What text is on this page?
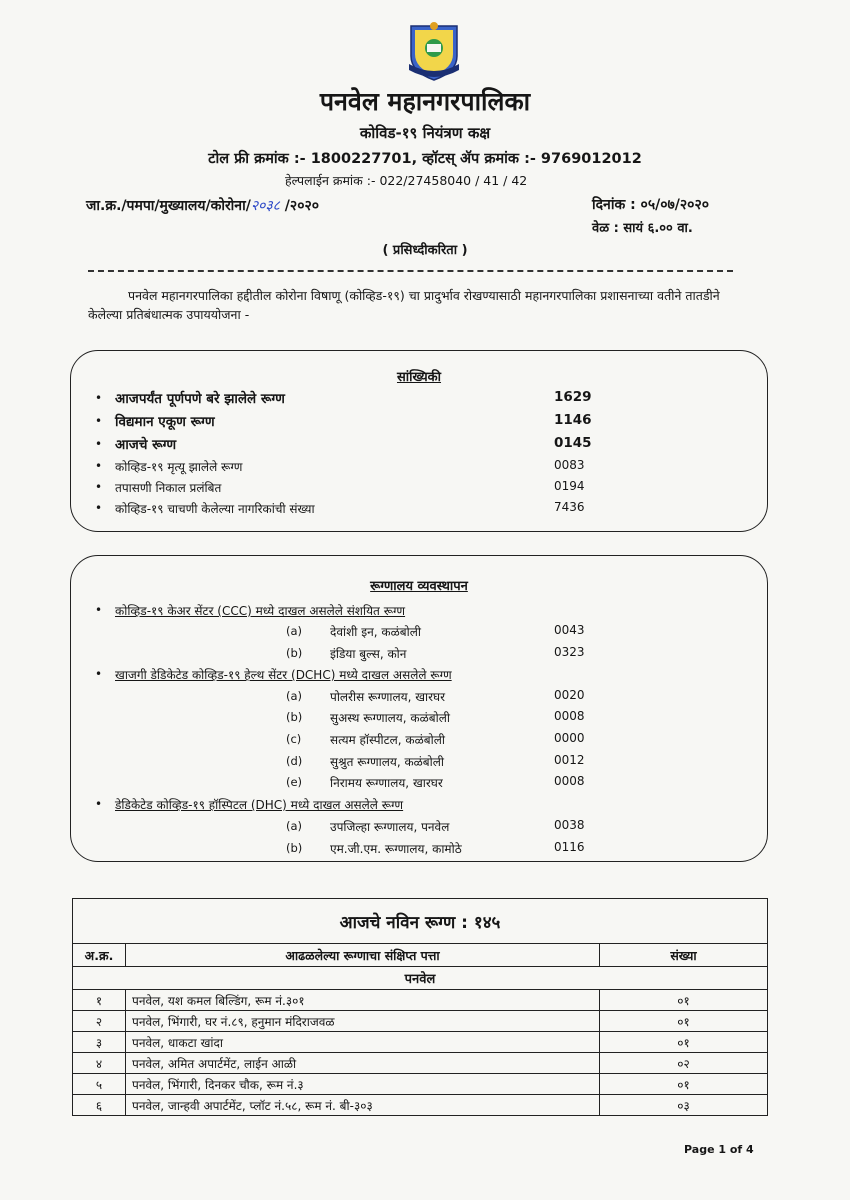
पनवेल महानगरपालिका
कोविड-१९ नियंत्रण कक्ष
टोल फ्री क्रमांक :- 1800227701, व्हॉटस् ॲप क्रमांक :- 9769012012
हेल्पलाईन क्रमांक :- 022/27458040 / 41 / 42
जा.क्र./पमपा/मुख्यालय/कोरोना/२०३८ /२०२०	दिनांक : ०५/०७/२०२०
वेळ : सायं ६.०० वा.
( प्रसिध्दीकरिता )
पनवेल महानगरपालिका हद्दीतील कोरोना विषाणू (कोव्हिड-१९) चा प्रादुर्भाव रोखण्यासाठी महानगरपालिका प्रशासनाच्या वतीने तातडीने केलेल्या प्रतिबंधात्मक उपाययोजना -
सांख्यिकी
• आजपर्यंत पूर्णपणे बरे झालेले रूग्ण	1629
• विद्यमान एकूण रूग्ण	1146
• आजचे रूग्ण	0145
• कोव्हिड-१९ मृत्यू झालेले रूग्ण	0083
• तपासणी निकाल प्रलंबित	0194
• कोव्हिड-१९ चाचणी केलेल्या नागरिकांची संख्या	7436
रूग्णालय व्यवस्थापन
• कोव्हिड-१९ केअर सेंटर (CCC) मध्ये दाखल असलेले संशयित रूग्ण
(a) देवांशी इन, कळंबोली	0043
(b) इंडिया बुल्स, कोन	0323
• खाजगी डेडिकेटेड कोव्हिड-१९ हेल्थ सेंटर (DCHC) मध्ये दाखल असलेले रूग्ण
(a) पोलरीस रूग्णालय, खारघर	0020
(b) सुअस्थ रूग्णालय, कळंबोली	0008
(c) सत्यम हॉस्पीटल, कळंबोली	0000
(d) सुश्रुत रूग्णालय, कळंबोली	0012
(e) निरामय रूग्णालय, खारघर	0008
• डेडिकेटेड कोव्हिड-१९ हॉस्पिटल (DHC) मध्ये दाखल असलेले रूग्ण
(a) उपजिल्हा रूग्णालय, पनवेल	0038
(b) एम.जी.एम. रूग्णालय, कामोठे	0116
आजचे नविन रूग्ण : १४५		
अ.क्र.	आढळलेल्या रूग्णाचा संक्षिप्त पत्ता	संख्या
पनवेल		
१	पनवेल, यश कमल बिल्डिंग, रूम नं.३०१	०१
२	पनवेल, भिंगारी, घर नं.८९, हनुमान मंदिराजवळ	०१
३	पनवेल, धाकटा खांदा	०१
४	पनवेल, अमित अपार्टमेंट, लाईन आळी	०२
५	पनवेल, भिंगारी, दिनकर चौक, रूम नं.३	०१
६	पनवेल, जान्हवी अपार्टमेंट, प्लॉट नं.५८, रूम नं. बी-३०३	०३
Page 1 of 4
